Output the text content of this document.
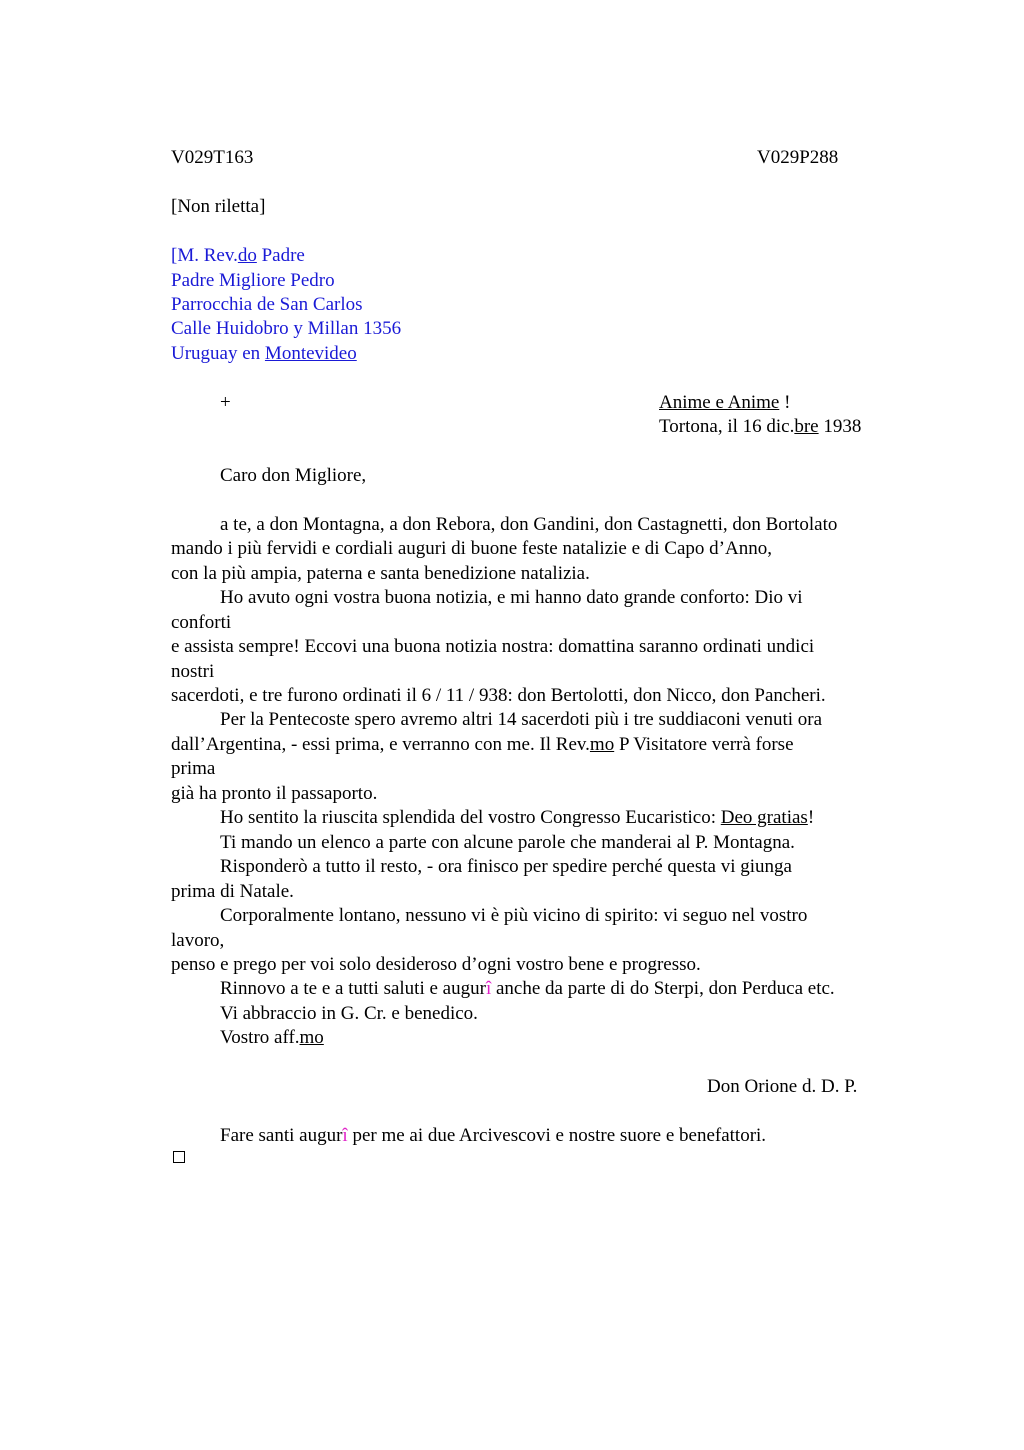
V029T163	V029P288
[Non riletta]
[M. Rev.do Padre
Padre Migliore Pedro
Parrocchia de San Carlos
Calle Huidobro y Millan 1356
Uruguay en Montevideo
+	Anime e Anime !
Tortona, il 16 dic.bre 1938
Caro don Migliore,
a te, a don Montagna, a don Rebora, don Gandini, don Castagnetti, don Bortolato
mando i più fervidi e cordiali auguri di buone feste natalizie e di Capo d’Anno,
con la più ampia, paterna e santa benedizione natalizia.
Ho avuto ogni vostra buona notizia, e mi hanno dato grande conforto: Dio vi
conforti
e assista sempre! Eccovi una buona notizia nostra: domattina saranno ordinati undici
nostri
sacerdoti, e tre furono ordinati il 6 / 11 / 938: don Bertolotti, don Nicco, don Pancheri.
Per la Pentecoste spero avremo altri 14 sacerdoti più i tre suddiaconi venuti ora
dall’Argentina, - essi prima, e verranno con me. Il Rev.mo P Visitatore verrà forse
prima
già ha pronto il passaporto.
Ho sentito la riuscita splendida del vostro Congresso Eucaristico: Deo gratias!
Ti mando un elenco a parte con alcune parole che manderai al P. Montagna.
Risponderò a tutto il resto, - ora finisco per spedire perché questa vi giunga
prima di Natale.
Corporalmente lontano, nessuno vi è più vicino di spirito: vi seguo nel vostro
lavoro,
penso e prego per voi solo desideroso d’ogni vostro bene e progresso.
Rinnovo a te e a tutti saluti e augurî anche da parte di do Sterpi, don Perduca etc.
Vi abbraccio in G. Cr. e benedico.
Vostro aff.mo
Don Orione d. D. P.
Fare santi augurî per me ai due Arcivescovi e nostre suore e benefattori.
